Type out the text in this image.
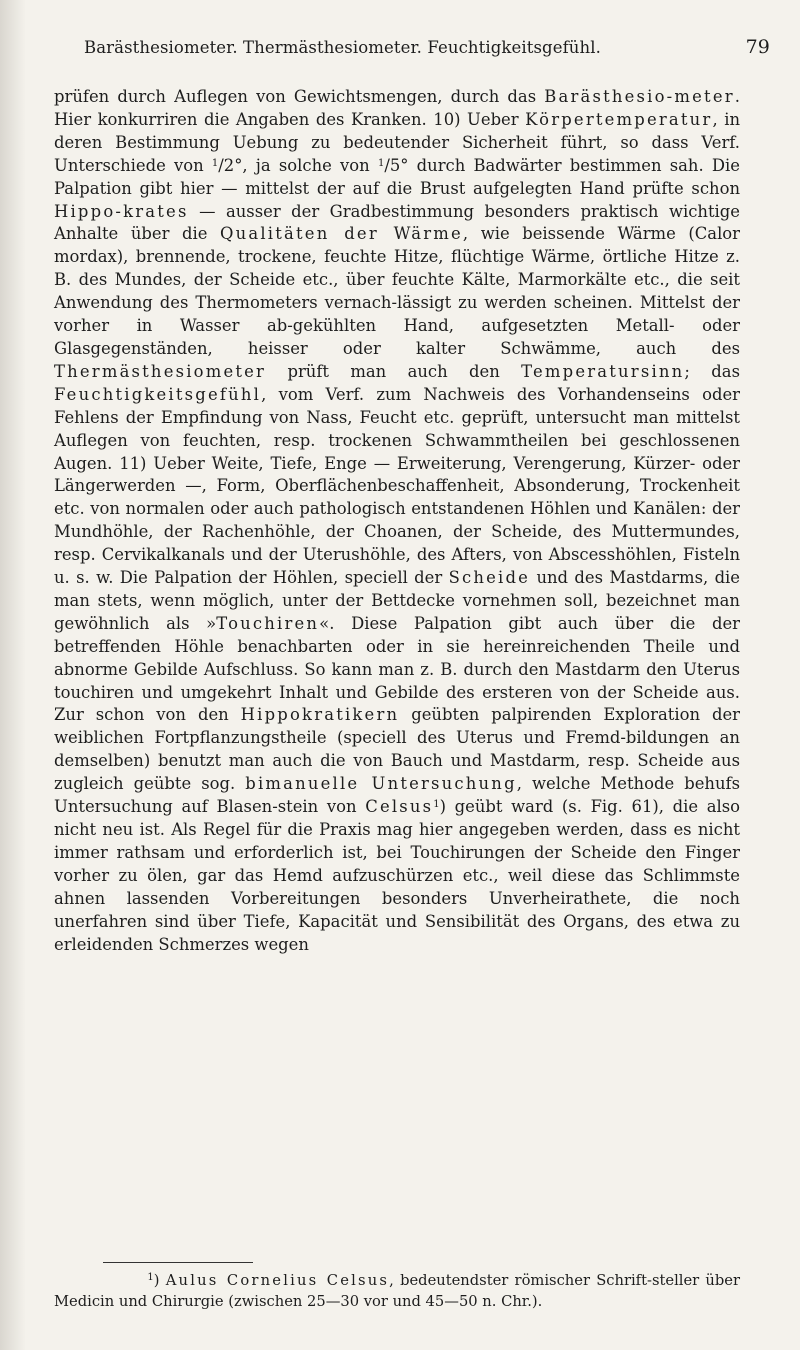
Barästhesiometer. Thermästhesiometer. Feuchtigkeitsgefühl.	79

prüfen durch Auflegen von Gewichtsmengen, durch das Barästhesio-meter. Hier konkurriren die Angaben des Kranken. 10) Ueber Körpertemperatur, in deren Bestimmung Uebung zu bedeutender Sicherheit führt, so dass Verf. Unterschiede von $^1$/2°, ja solche von $^1$/5° durch Badwärter bestimmen sah. Die Palpation gibt hier — mittelst der auf die Brust aufgelegten Hand prüfte schon Hippo-krates — ausser der Gradbestimmung besonders praktisch wichtige Anhalte über die Qualitäten der Wärme, wie beissende Wärme (Calor mordax), brennende, trockene, feuchte Hitze, flüchtige Wärme, örtliche Hitze z. B. des Mundes, der Scheide etc., über feuchte Kälte, Marmorkälte etc., die seit Anwendung des Thermometers vernach-lässigt zu werden scheinen. Mittelst der vorher in Wasser ab-gekühlten Hand, aufgesetzten Metall- oder Glasgegenständen, heisser oder kalter Schwämme, auch des Thermästhesiometer prüft man auch den Temperatursinn; das Feuchtigkeitsgefühl, vom Verf. zum Nachweis des Vorhandenseins oder Fehlens der Empfindung von Nass, Feucht etc. geprüft, untersucht man mittelst Auflegen von feuchten, resp. trockenen Schwammtheilen bei geschlossenen Augen. 11) Ueber Weite, Tiefe, Enge — Erweiterung, Verengerung, Kürzer- oder Längerwerden —, Form, Oberflächenbeschaffenheit, Absonderung, Trockenheit etc. von normalen oder auch pathologisch entstandenen Höhlen und Kanälen: der Mundhöhle, der Rachenhöhle, der Choanen, der Scheide, des Muttermundes, resp. Cervikalkanals und der Uterushöhle, des Afters, von Abscesshöhlen, Fisteln u. s. w. Die Palpation der Höhlen, speciell der Scheide und des Mastdarms, die man stets, wenn möglich, unter der Bettdecke vornehmen soll, bezeichnet man gewöhnlich als »Touchiren«. Diese Palpation gibt auch über die der betreffenden Höhle benachbarten oder in sie hereinreichenden Theile und abnorme Gebilde Aufschluss. So kann man z. B. durch den Mastdarm den Uterus touchiren und umgekehrt Inhalt und Gebilde des ersteren von der Scheide aus. Zur schon von den Hippokratikern geübten palpirenden Exploration der weiblichen Fortpflanzungstheile (speciell des Uterus und Fremd-bildungen an demselben) benutzt man auch die von Bauch und Mastdarm, resp. Scheide aus zugleich geübte sog. bimanuelle Untersuchung, welche Methode behufs Untersuchung auf Blasen-stein von Celsus$^1$) geübt ward (s. Fig. 61), die also nicht neu ist. Als Regel für die Praxis mag hier angegeben werden, dass es nicht immer rathsam und erforderlich ist, bei Touchirungen der Scheide den Finger vorher zu ölen, gar das Hemd aufzuschürzen etc., weil diese das Schlimmste ahnen lassenden Vorbereitungen besonders Unverheirathete, die noch unerfahren sind über Tiefe, Kapacität und Sensibilität des Organs, des etwa zu erleidenden Schmerzes wegen

$^1$) Aulus Cornelius Celsus, bedeutendster römischer Schrift-steller über Medicin und Chirurgie (zwischen 25—30 vor und 45—50 n. Chr.).
